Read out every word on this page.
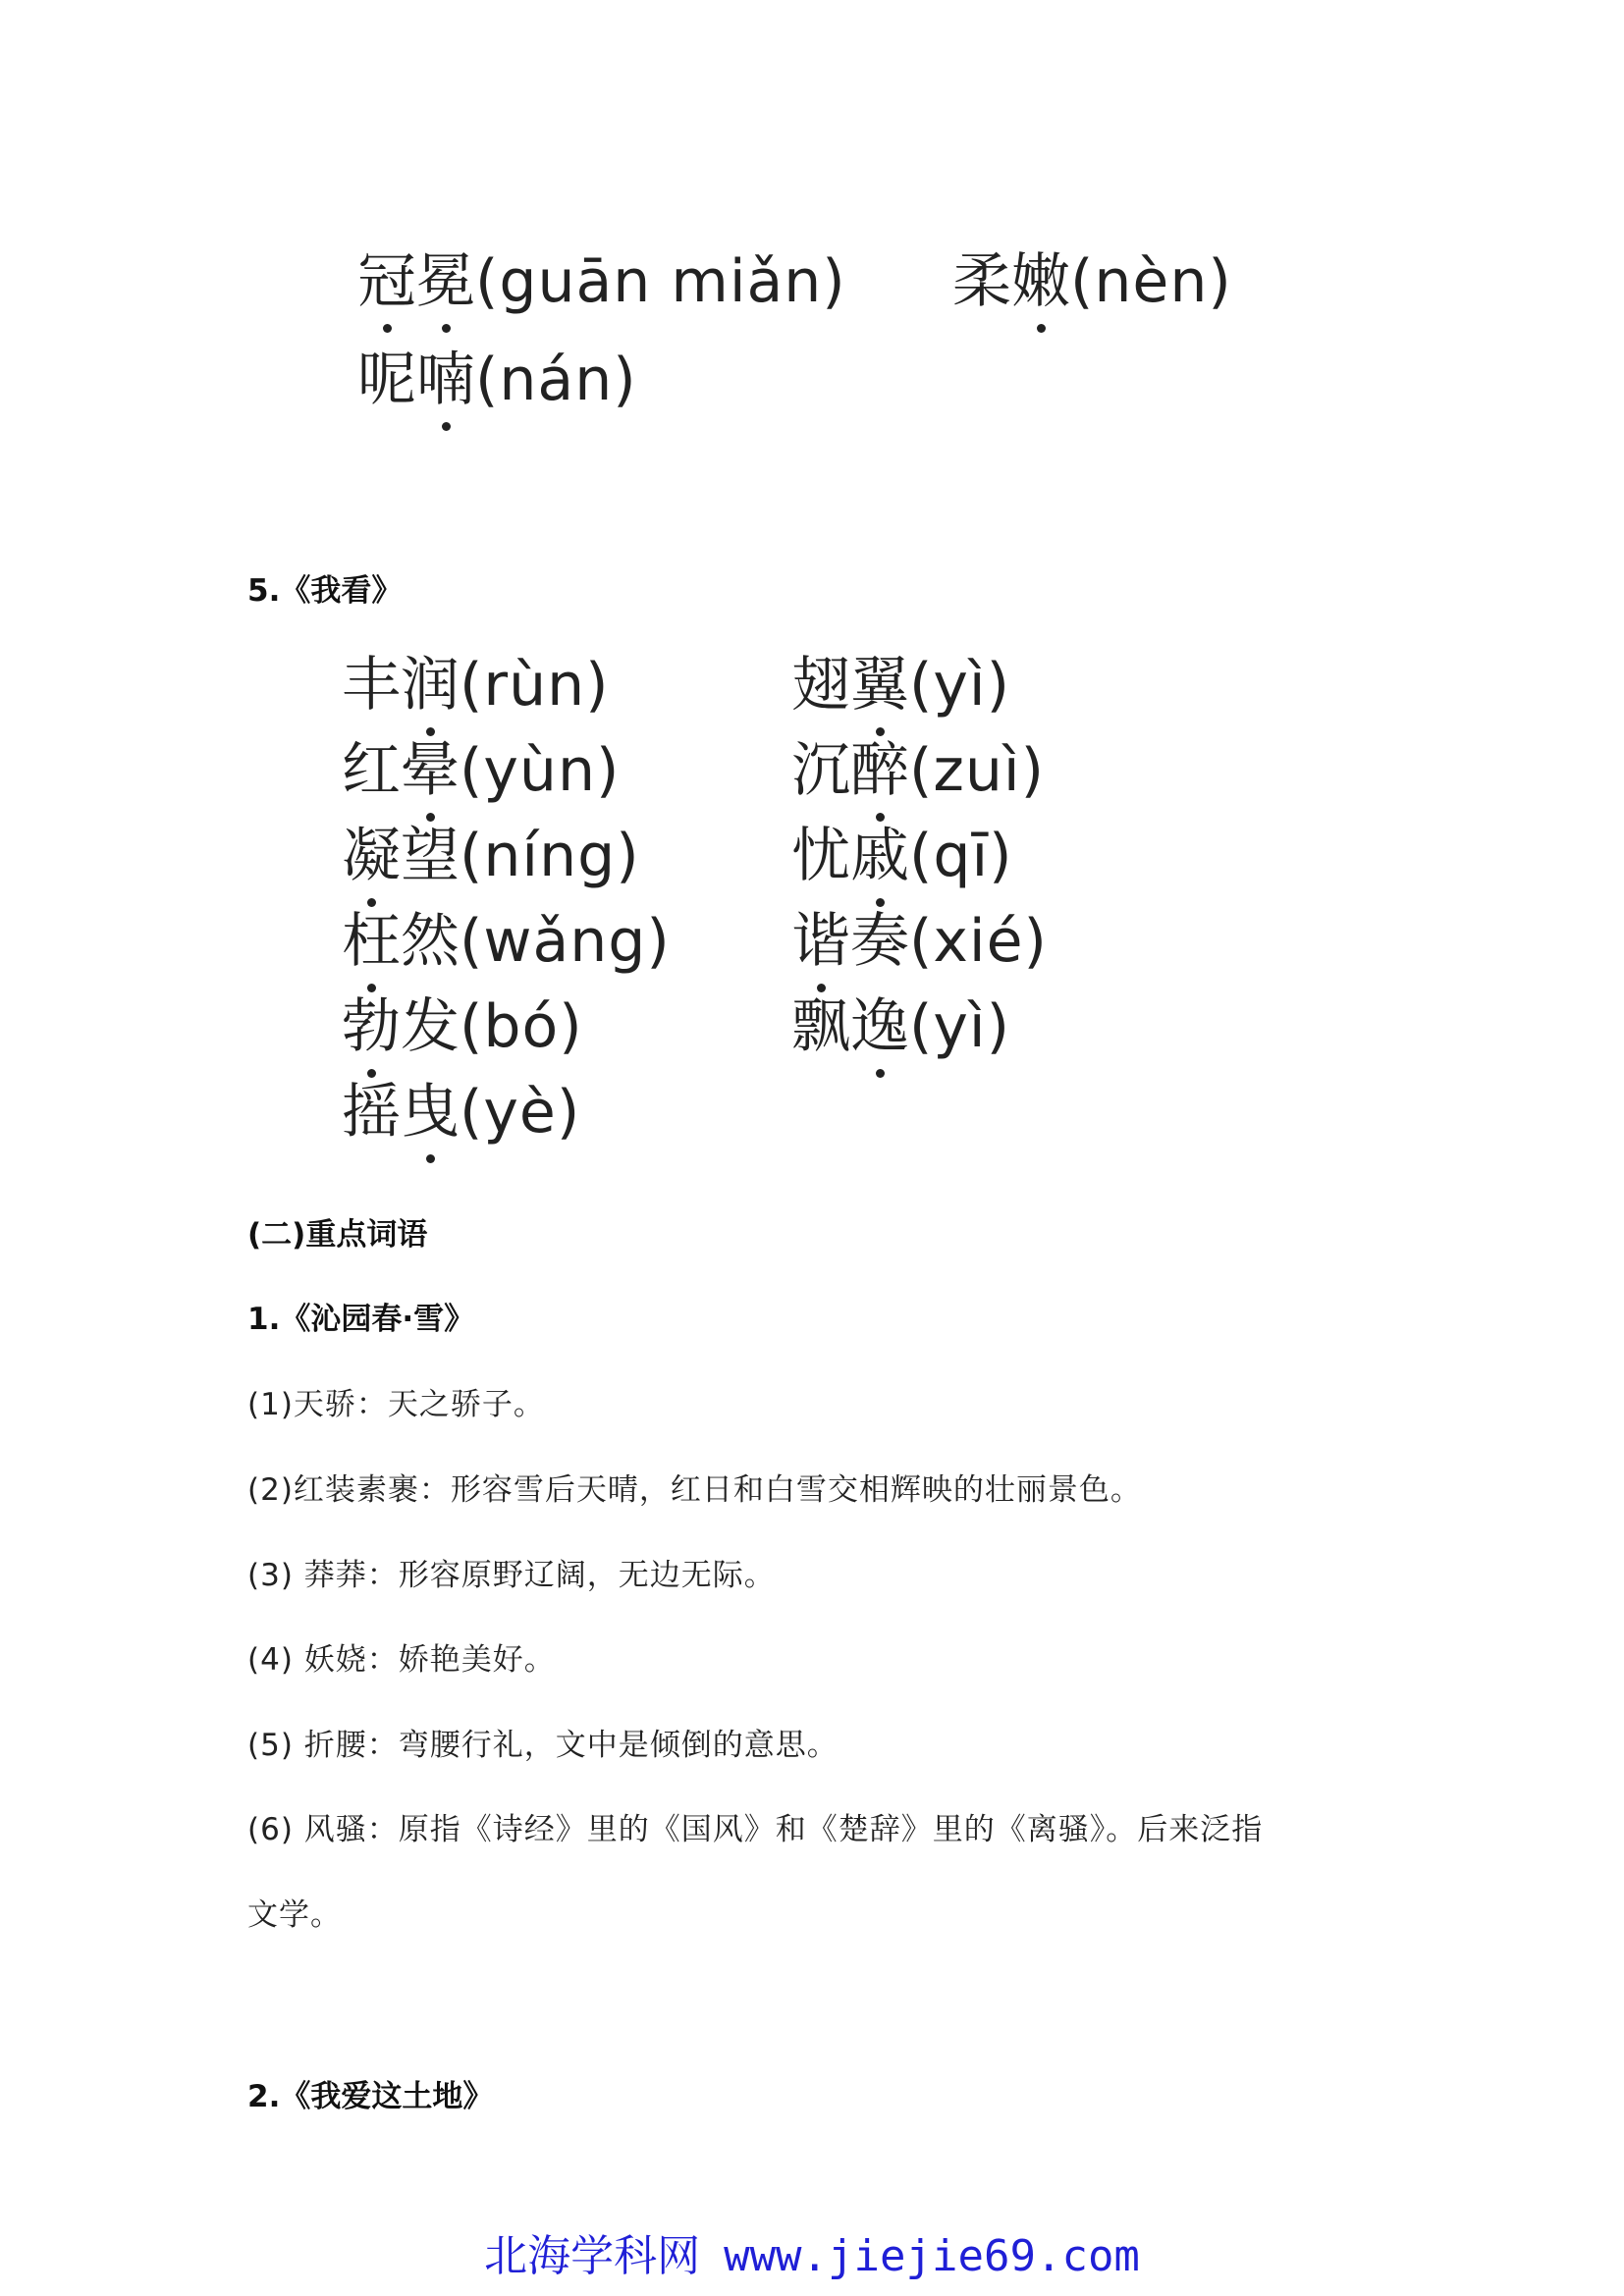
冠冕(guān miǎn) 柔嫩(nèn)
呢喃(nán)
5.《我看》
丰润(rùn)
红晕(yùn)
凝望(níng)
枉然(wǎng)
勃发(bó)
摇曳(yè)
翅翼(yì)
沉醉(zuì)
忧戚(qī)
谐奏(xié)
飘逸(yì)
(二)重点词语
1.《沁园春·雪》
(1)天骄：天之骄子。
(2)红装素裹：形容雪后天晴，红日和白雪交相辉映的壮丽景色。
(3) 莽莽：形容原野辽阔，无边无际。
(4) 妖娆：娇艳美好。
(5) 折腰：弯腰行礼，文中是倾倒的意思。
(6) 风骚：原指《诗经》里的《国风》和《楚辞》里的《离骚》。后来泛指
文学。
2.《我爱这土地》
北海学科网 www.jiejie69.com
